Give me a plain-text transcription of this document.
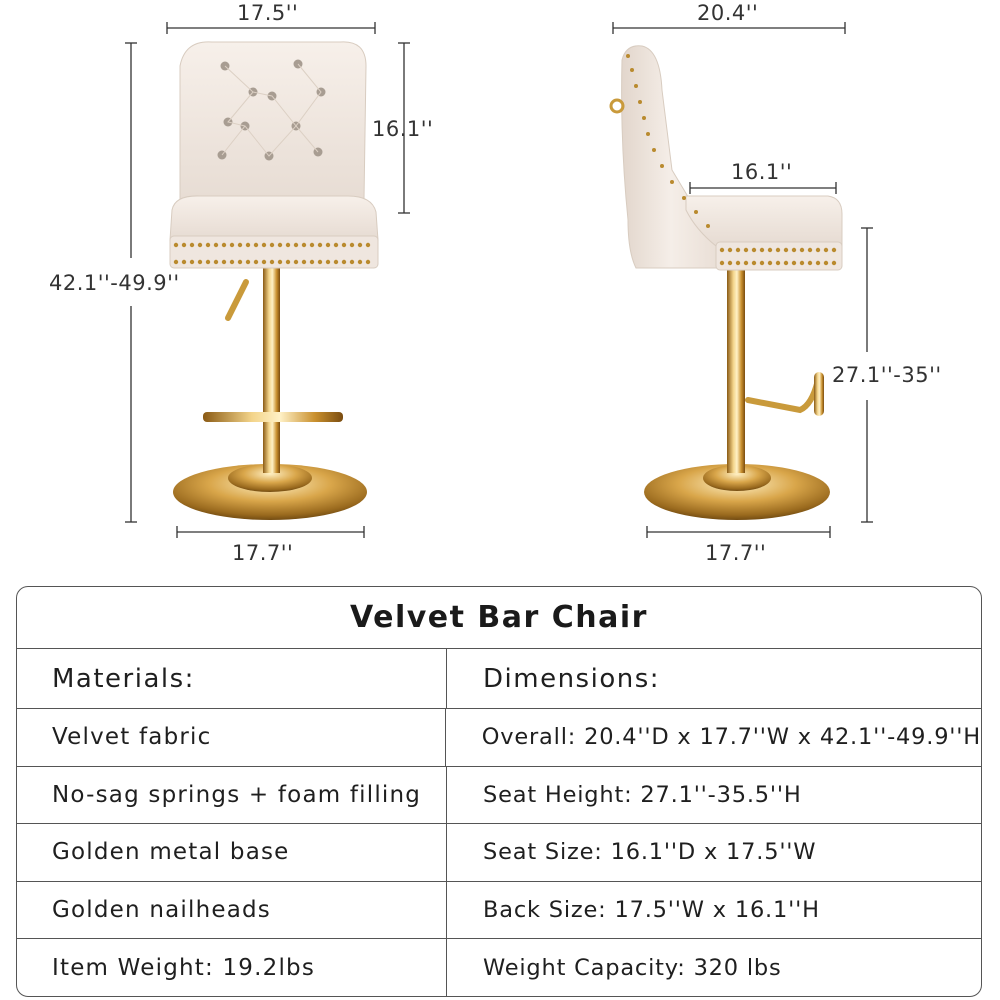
17.5''
16.1''
42.1''-49.9''
17.7''
20.4''
16.1''
27.1''-35''
17.7''
Velvet Bar Chair
Materials:	Dimensions:
Velvet fabric	Overall: 20.4''D x 17.7''W x 42.1''-49.9''H
No-sag springs + foam filling	Seat Height: 27.1''-35.5''H
Golden metal base	Seat Size: 16.1''D x 17.5''W
Golden nailheads	Back Size: 17.5''W x 16.1''H
Item Weight: 19.2lbs	Weight Capacity: 320 lbs
